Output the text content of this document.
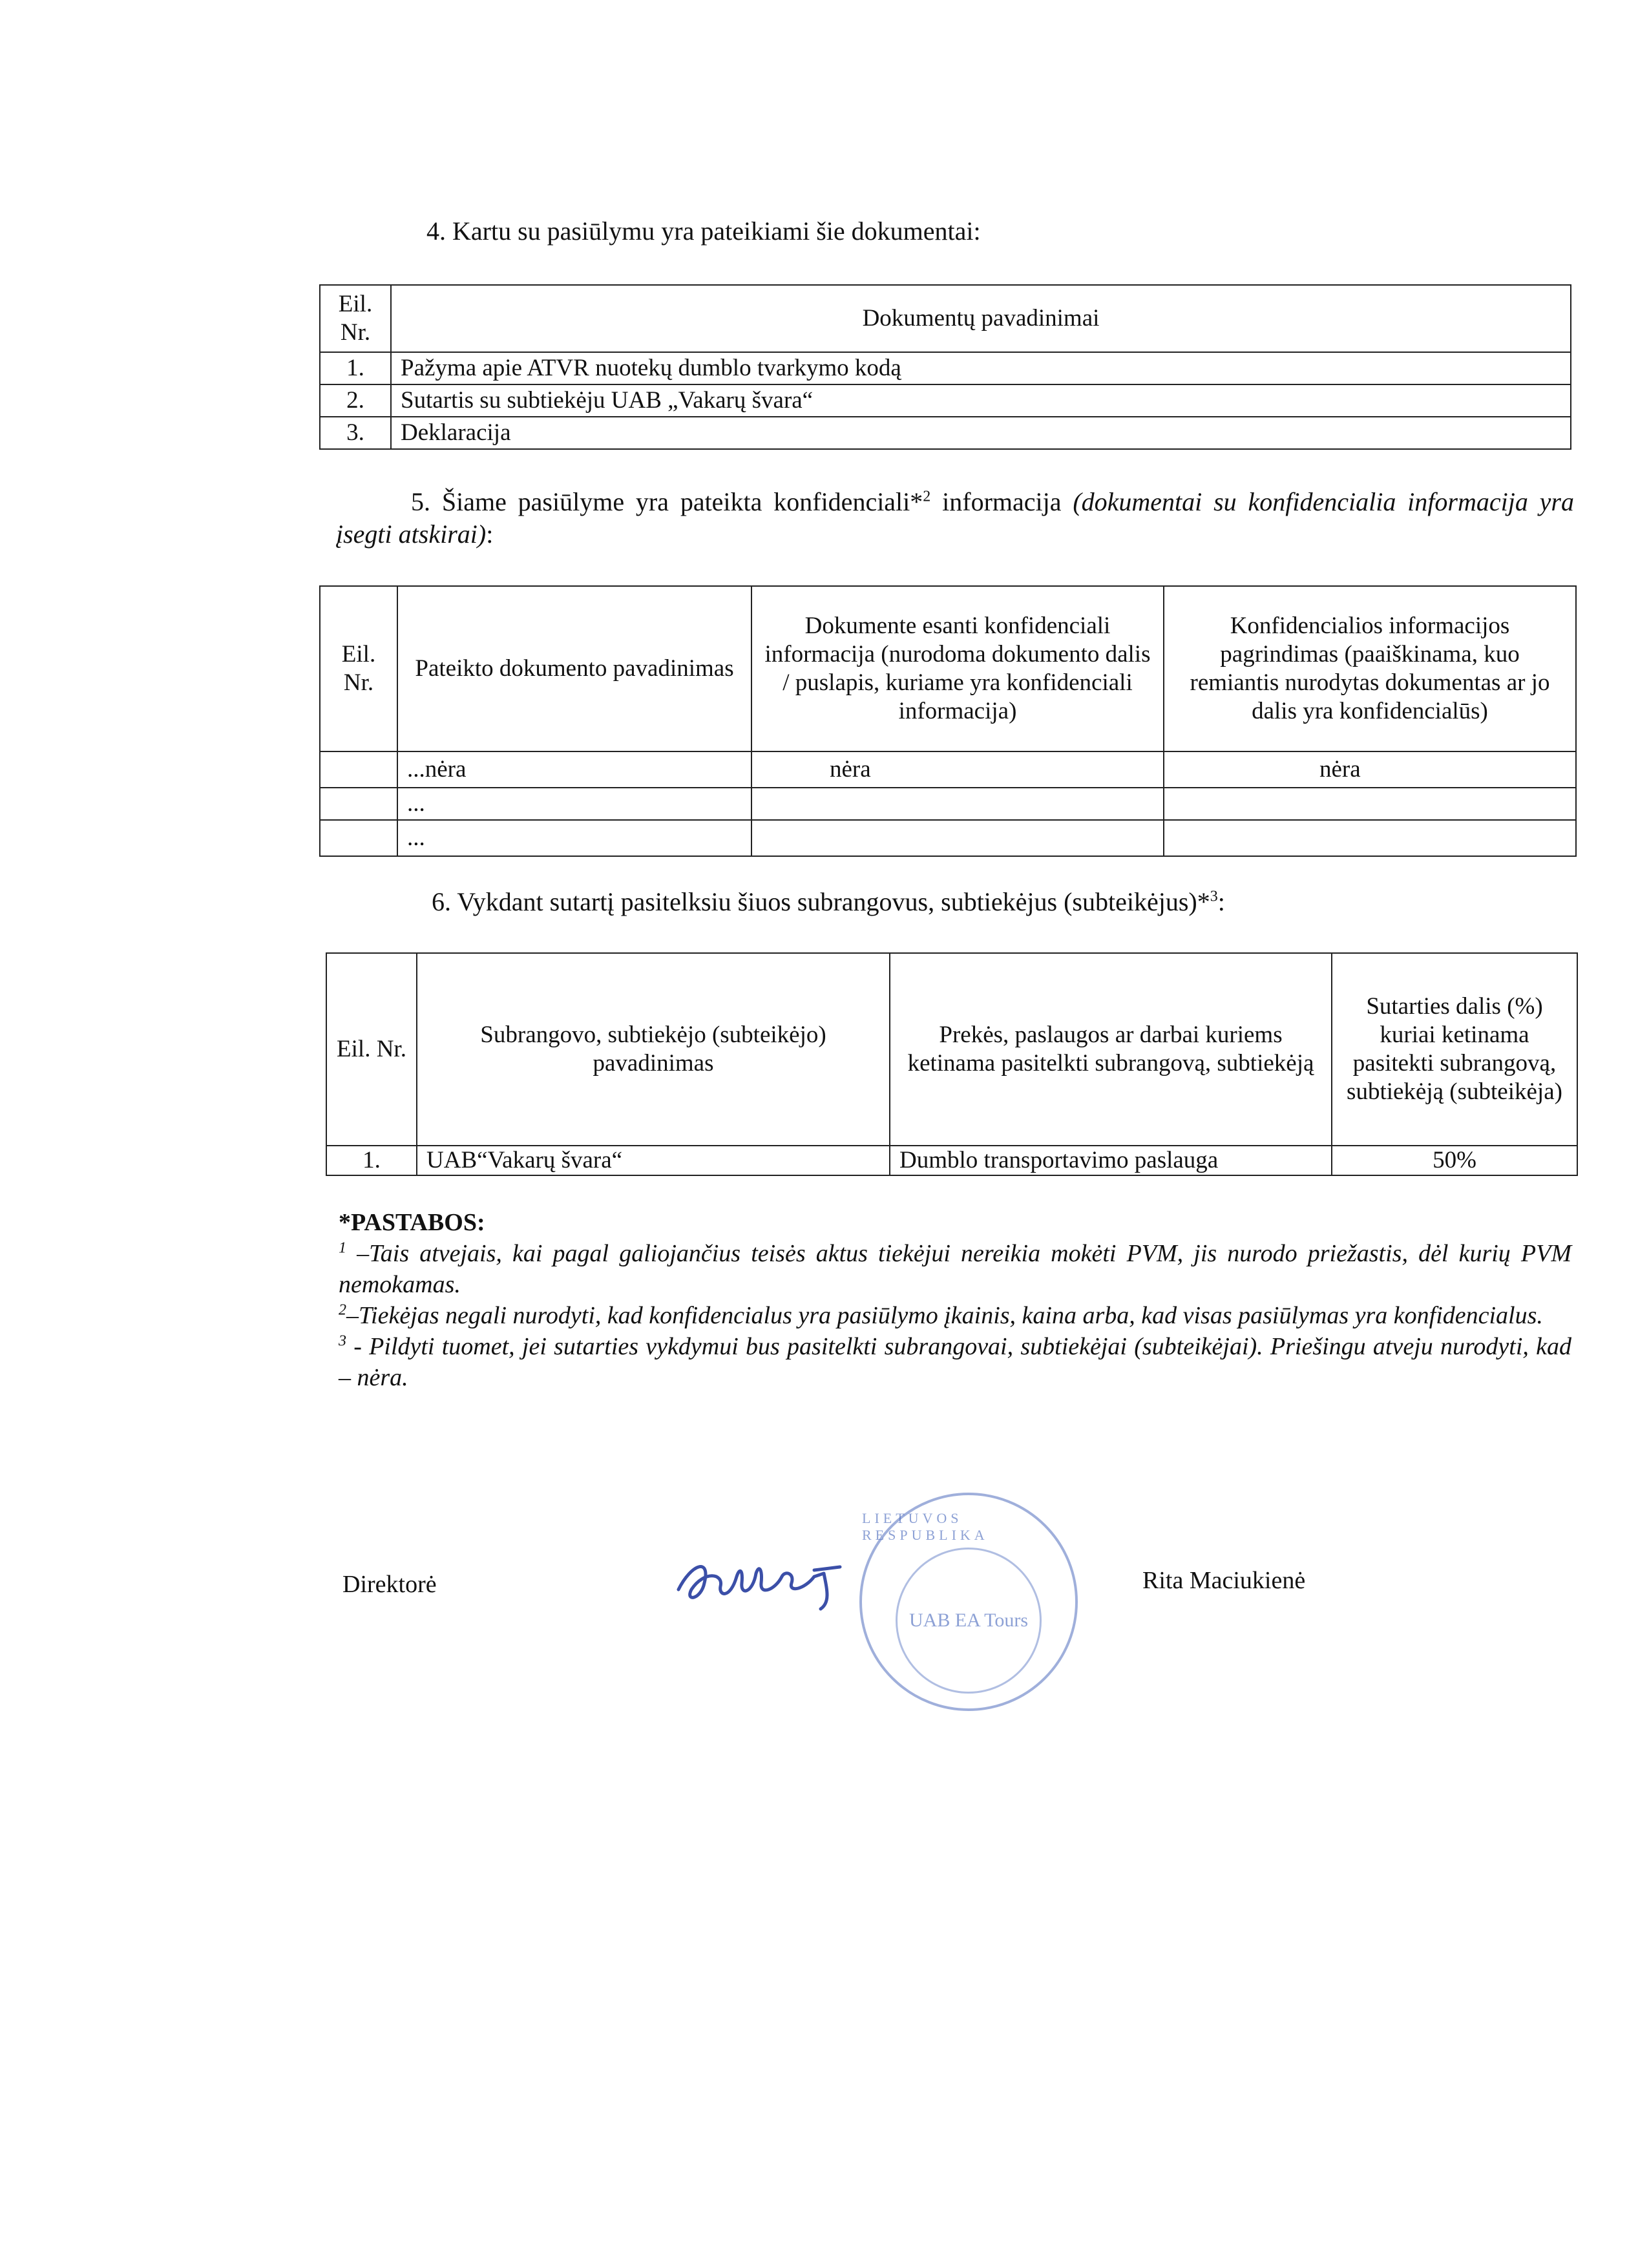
4. Kartu su pasiūlymu yra pateikiami šie dokumentai:
Eil. Nr.	Dokumentų pavadinimai
1.	Pažyma apie ATVR nuotekų dumblo tvarkymo kodą
2.	Sutartis su subtiekėju UAB „Vakarų švara“
3.	Deklaracija
5. Šiame pasiūlyme yra pateikta konfidenciali*$^2$ informacija (dokumentai su konfidencialia informacija yra įsegti atskirai):
Eil. Nr.	Pateikto dokumento pavadinimas	Dokumente esanti konfidenciali informacija (nurodoma dokumento dalis / puslapis, kuriame yra konfidenciali informacija)	Konfidencialios informacijos pagrindimas (paaiškinama, kuo remiantis nurodytas dokumentas ar jo dalis yra konfidencialūs)
	...nėra	nėra	nėra
	...		
	...		
6. Vykdant sutartį pasitelksiu šiuos subrangovus, subtiekėjus (subteikėjus)*$^3$:
Eil. Nr.	Subrangovo, subtiekėjo (subteikėjo) pavadinimas	Prekės, paslaugos ar darbai kuriems ketinama pasitelkti subrangovą, subtiekėją	Sutarties dalis (%) kuriai ketinama pasitekti subrangovą, subtiekėją (subteikėja)
1.	UAB“Vakarų švara“	Dumblo transportavimo paslauga	50%
*PASTABOS:
$^1$ –Tais atvejais, kai pagal galiojančius teisės aktus tiekėjui nereikia mokėti PVM, jis nurodo priežastis, dėl kurių PVM nemokamas.
$^2$–Tiekėjas negali nurodyti, kad konfidencialus yra pasiūlymo įkainis, kaina arba, kad visas pasiūlymas yra konfidencialus.
$^3$ - Pildyti tuomet, jei sutarties vykdymui bus pasitelkti subrangovai, subtiekėjai (subteikėjai). Priešingu atveju nurodyti, kad – nėra.
Direktorė
LIETUVOS RESPUBLIKA
UAB EA Tours
Rita Maciukienė
